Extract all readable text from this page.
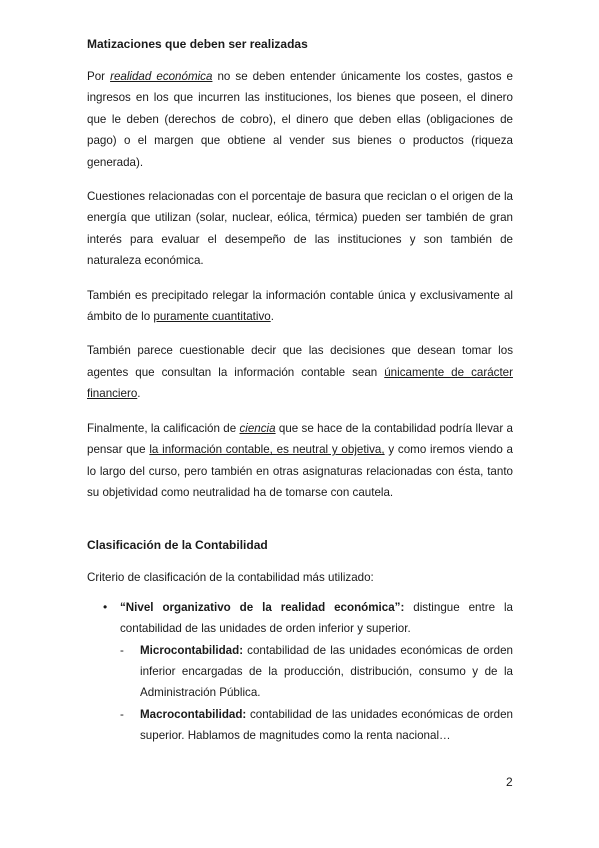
Matizaciones que deben ser realizadas

Por realidad económica no se deben entender únicamente los costes, gastos e ingresos en los que incurren las instituciones, los bienes que poseen, el dinero que le deben (derechos de cobro), el dinero que deben ellas (obligaciones de pago) o el margen que obtiene al vender sus bienes o productos (riqueza generada).

Cuestiones relacionadas con el porcentaje de basura que reciclan o el origen de la energía que utilizan (solar, nuclear, eólica, térmica) pueden ser también de gran interés para evaluar el desempeño de las instituciones y son también de naturaleza económica.

También es precipitado relegar la información contable única y exclusivamente al ámbito de lo puramente cuantitativo.

También parece cuestionable decir que las decisiones que desean tomar los agentes que consultan la información contable sean únicamente de carácter financiero.

Finalmente, la calificación de ciencia que se hace de la contabilidad podría llevar a pensar que la información contable, es neutral y objetiva, y como iremos viendo a lo largo del curso, pero también en otras asignaturas relacionadas con ésta, tanto su objetividad como neutralidad ha de tomarse con cautela.

Clasificación de la Contabilidad

Criterio de clasificación de la contabilidad más utilizado:

• “Nivel organizativo de la realidad económica”: distingue entre la contabilidad de las unidades de orden inferior y superior.
- Microcontabilidad: contabilidad de las unidades económicas de orden inferior encargadas de la producción, distribución, consumo y de la Administración Pública.
- Macrocontabilidad: contabilidad de las unidades económicas de orden superior. Hablamos de magnitudes como la renta nacional…
2
